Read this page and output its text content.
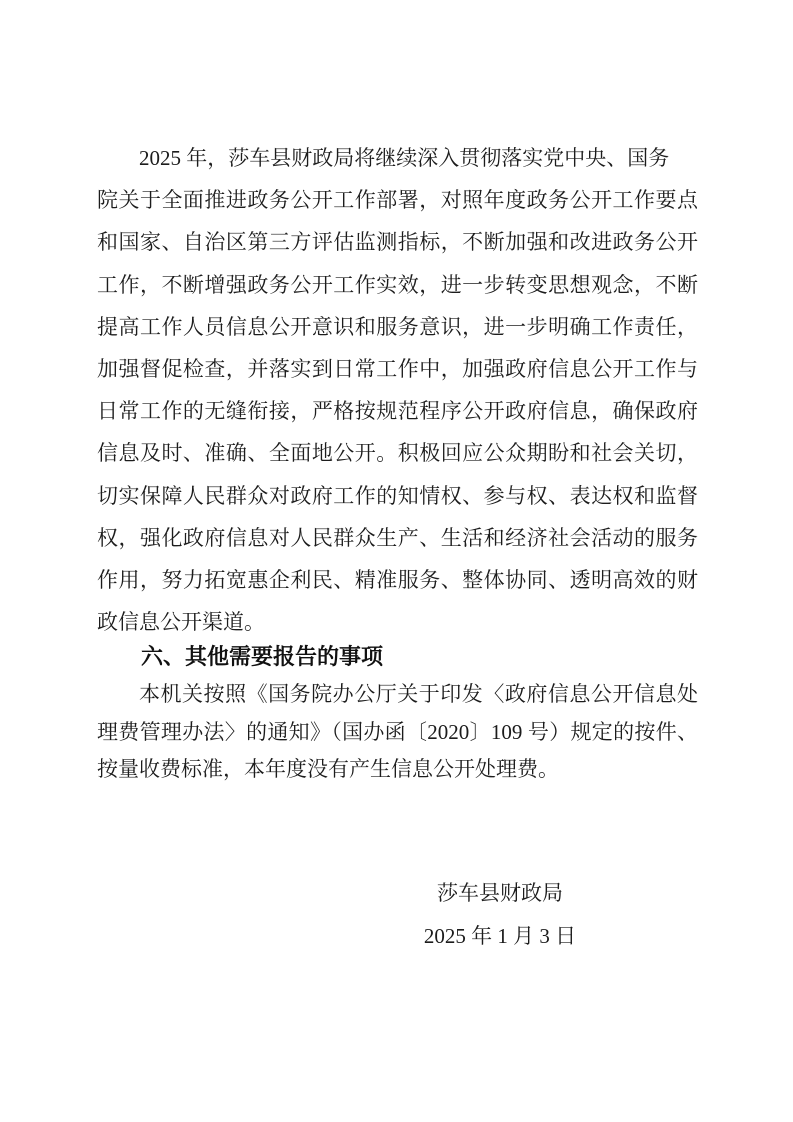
2025 年，莎车县财政局将继续深入贯彻落实党中央、国务
院关于全面推进政务公开工作部署，对照年度政务公开工作要点
和国家、自治区第三方评估监测指标，不断加强和改进政务公开
工作，不断增强政务公开工作实效，进一步转变思想观念，不断
提高工作人员信息公开意识和服务意识，进一步明确工作责任，
加强督促检查，并落实到日常工作中，加强政府信息公开工作与
日常工作的无缝衔接，严格按规范程序公开政府信息，确保政府
信息及时、准确、全面地公开。积极回应公众期盼和社会关切，
切实保障人民群众对政府工作的知情权、参与权、表达权和监督
权，强化政府信息对人民群众生产、生活和经济社会活动的服务
作用，努力拓宽惠企利民、精准服务、整体协同、透明高效的财
政信息公开渠道。
六、其他需要报告的事项
本机关按照《国务院办公厅关于印发〈政府信息公开信息处
理费管理办法〉的通知》（国办函〔2020〕109 号）规定的按件、
按量收费标准，本年度没有产生信息公开处理费。
莎车县财政局
2025 年 1 月 3 日
